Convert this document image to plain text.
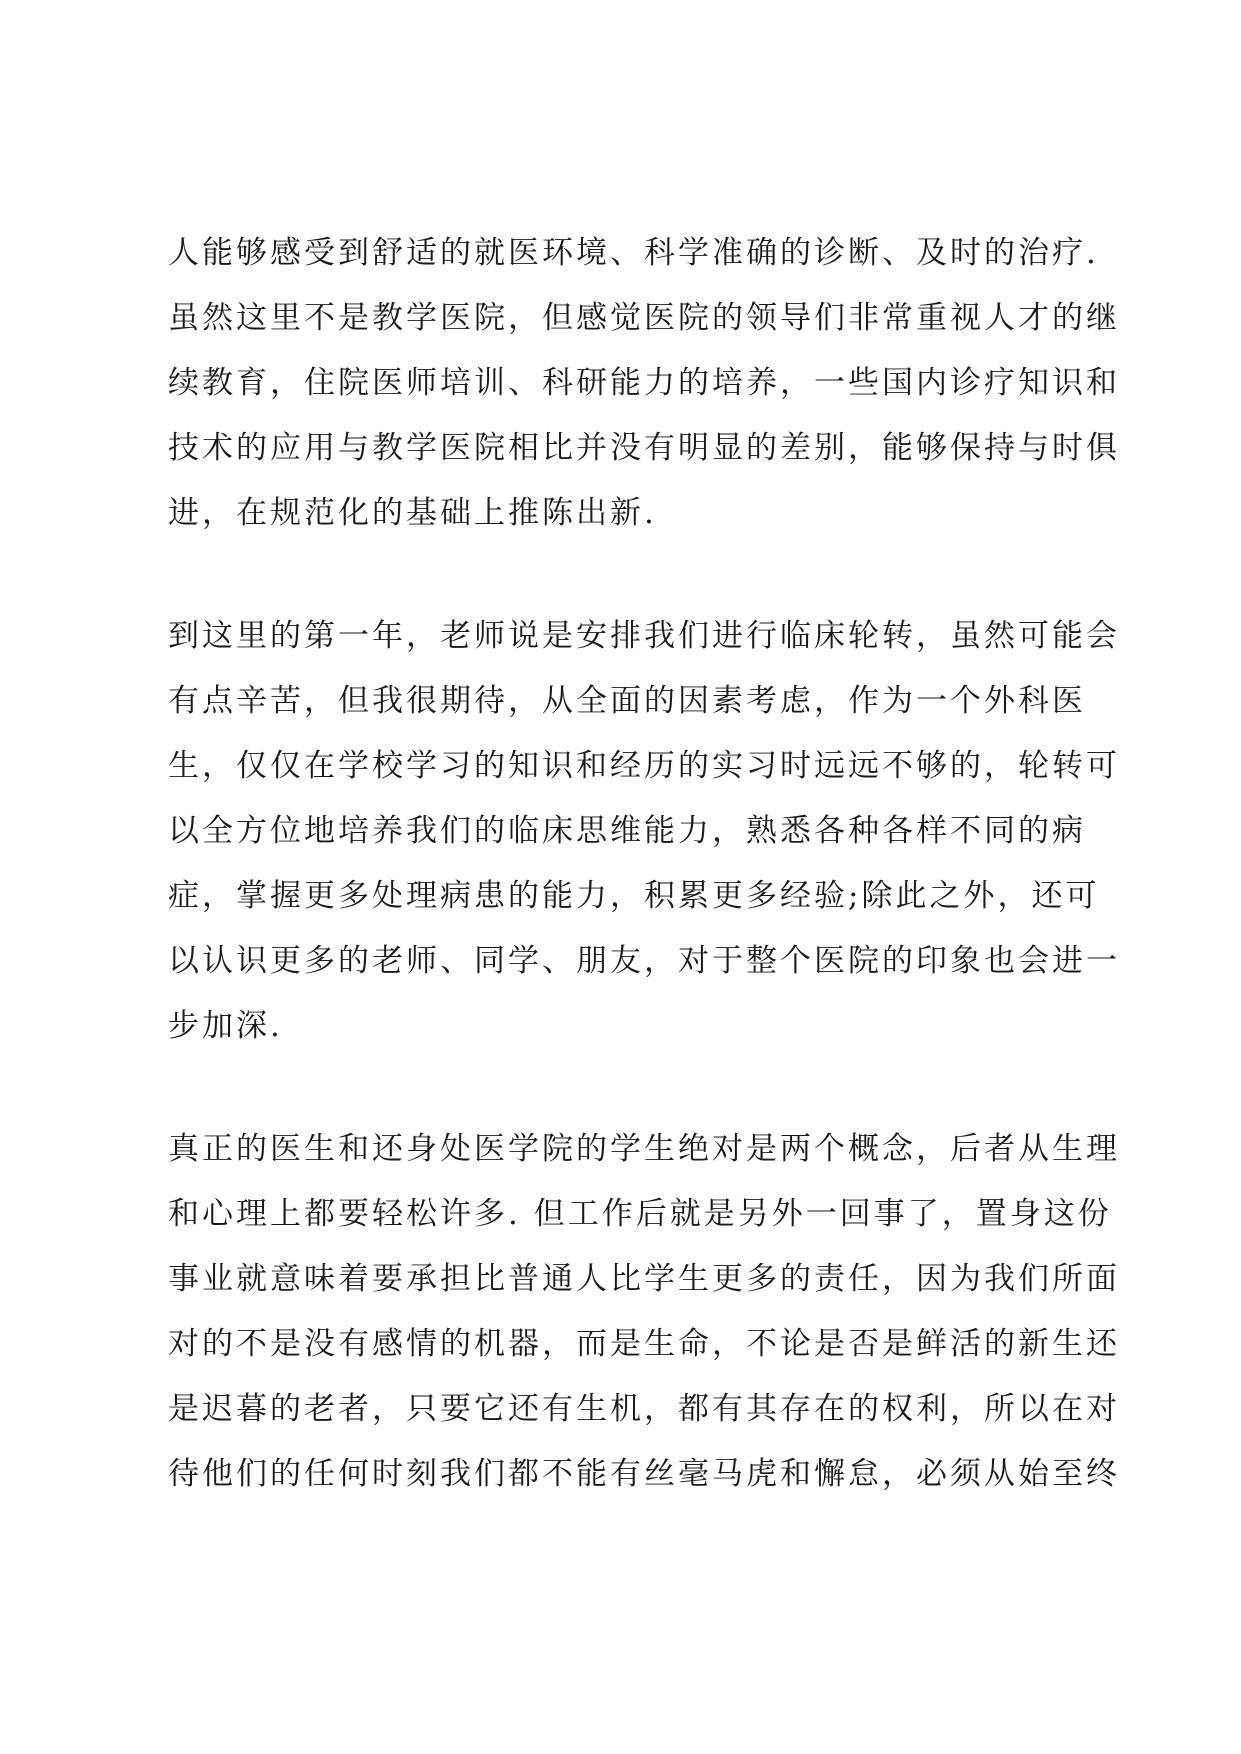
人能够感受到舒适的就医环境、科学准确的诊断、及时的治疗.
虽然这里不是教学医院，但感觉医院的领导们非常重视人才的继
续教育，住院医师培训、科研能力的培养，一些国内诊疗知识和
技术的应用与教学医院相比并没有明显的差别，能够保持与时俱
进，在规范化的基础上推陈出新.
到这里的第一年，老师说是安排我们进行临床轮转，虽然可能会
有点辛苦，但我很期待，从全面的因素考虑，作为一个外科医
生，仅仅在学校学习的知识和经历的实习时远远不够的，轮转可
以全方位地培养我们的临床思维能力，熟悉各种各样不同的病
症，掌握更多处理病患的能力，积累更多经验;除此之外，还可
以认识更多的老师、同学、朋友，对于整个医院的印象也会进一
步加深.
真正的医生和还身处医学院的学生绝对是两个概念，后者从生理
和心理上都要轻松许多. 但工作后就是另外一回事了，置身这份
事业就意味着要承担比普通人比学生更多的责任，因为我们所面
对的不是没有感情的机器，而是生命，不论是否是鲜活的新生还
是迟暮的老者，只要它还有生机，都有其存在的权利，所以在对
待他们的任何时刻我们都不能有丝毫马虎和懈怠，必须从始至终
